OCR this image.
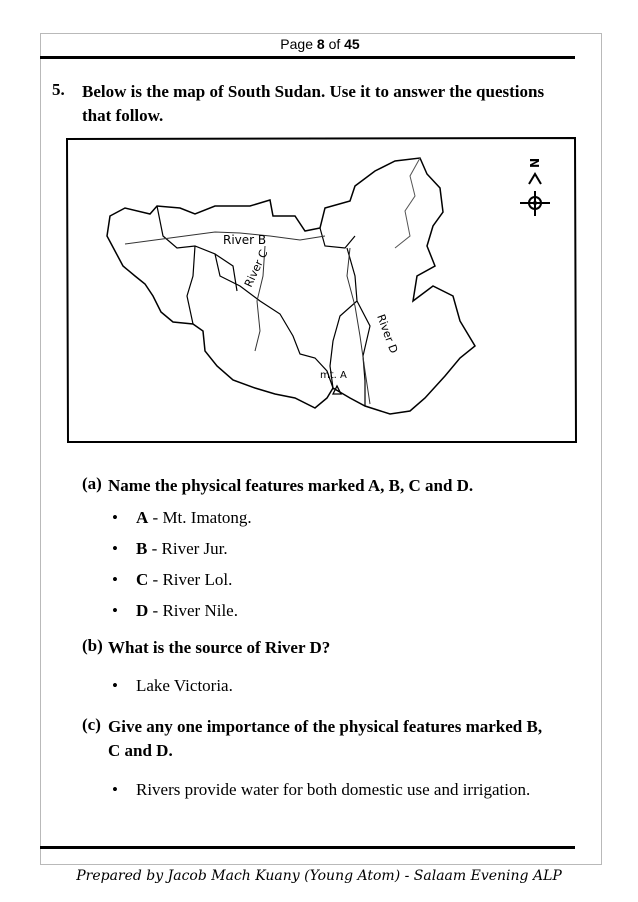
Page 8 of 45
5. Below is the map of South Sudan. Use it to answer the questions that follow.
River B
River C
River D
mt. A
N
(a) Name the physical features marked A, B, C and D.
• A - Mt. Imatong.
• B - River Jur.
• C - River Lol.
• D - River Nile.
(b) What is the source of River D?
• Lake Victoria.
(c) Give any one importance of the physical features marked B,
C and D.
• Rivers provide water for both domestic use and irrigation.
Prepared by Jacob Mach Kuany (Young Atom) - Salaam Evening ALP
